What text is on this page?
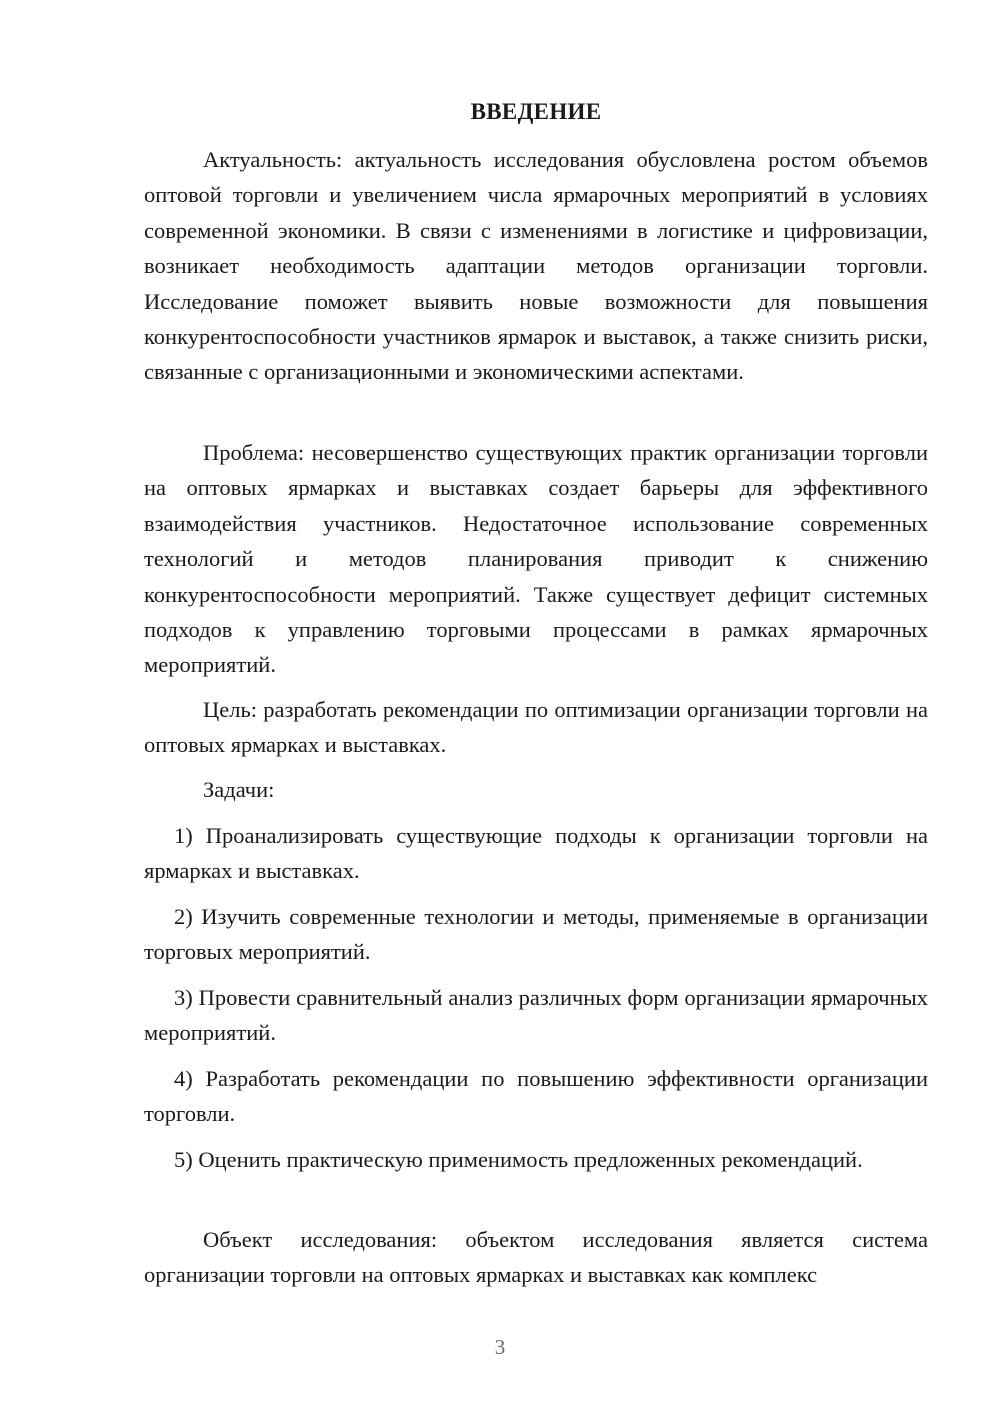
ВВЕДЕНИЕ

Актуальность: актуальность исследования обусловлена ростом объемов оптовой торговли и увеличением числа ярмарочных мероприятий в условиях современной экономики. В связи с изменениями в логистике и цифровизации, возникает необходимость адаптации методов организации торговли. Исследование поможет выявить новые возможности для повышения конкурентоспособности участников ярмарок и выставок, а также снизить риски, связанные с организационными и экономическими аспектами.

Проблема: несовершенство существующих практик организации торговли на оптовых ярмарках и выставках создает барьеры для эффективного взаимодействия участников. Недостаточное использование современных технологий и методов планирования приводит к снижению конкурентоспособности мероприятий. Также существует дефицит системных подходов к управлению торговыми процессами в рамках ярмарочных мероприятий.

Цель: разработать рекомендации по оптимизации организации торговли на оптовых ярмарках и выставках.

Задачи:

1) Проанализировать существующие подходы к организации торговли на ярмарках и выставках.

2) Изучить современные технологии и методы, применяемые в организации торговых мероприятий.

3) Провести сравнительный анализ различных форм организации ярмарочных мероприятий.

4) Разработать рекомендации по повышению эффективности организации торговли.

5) Оценить практическую применимость предложенных рекомендаций.

Объект исследования: объектом исследования является система организации торговли на оптовых ярмарках и выставках как комплекс

3
